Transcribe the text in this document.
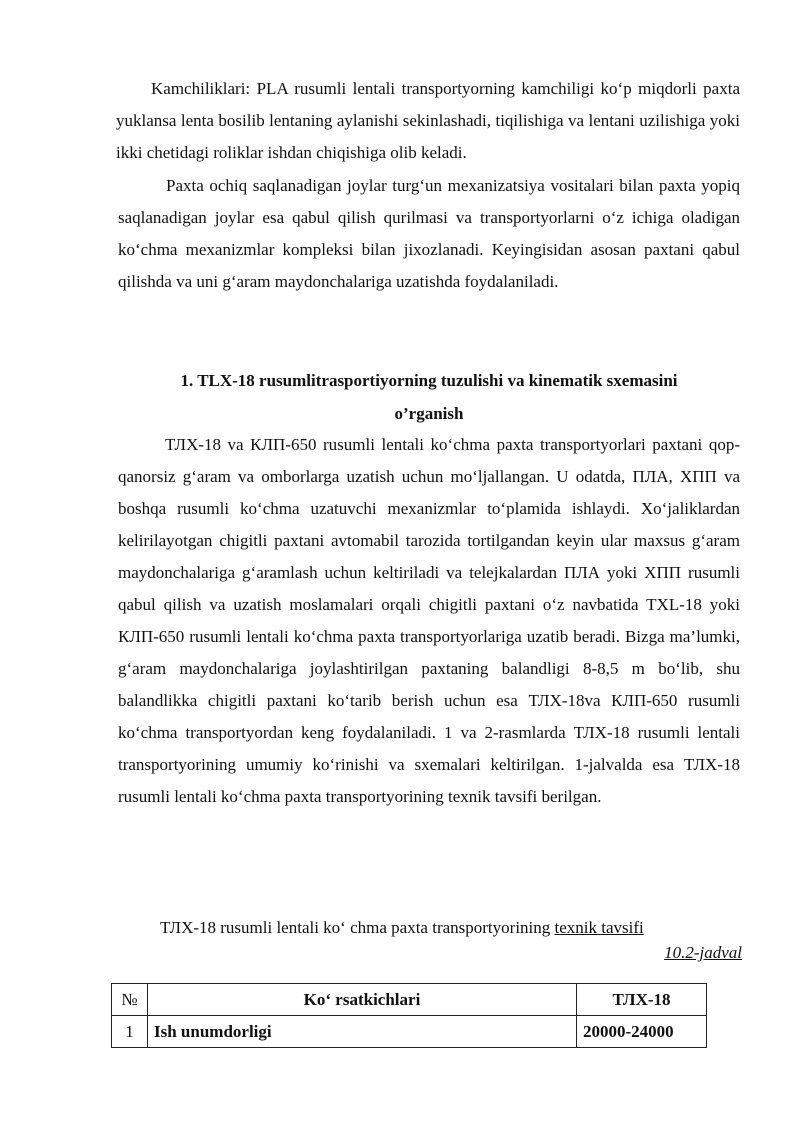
Kamchiliklari: PLA rusumli lentali transportyorning kamchiligi ko‘p miqdorli paxta yuklansa lenta bosilib lentaning aylanishi sekinlashadi, tiqilishiga va lentani uzilishiga yoki ikki chetidagi roliklar ishdan chiqishiga olib keladi.
Paxta ochiq saqlanadigan joylar turg‘un mexanizatsiya vositalari bilan paxta yopiq saqlanadigan joylar esa qabul qilish qurilmasi va transportyorlarni o‘z ichiga oladigan ko‘chma mexanizmlar kompleksi bilan jixozlanadi. Keyingisidan asosan paxtani qabul qilishda va uni g‘aram maydonchalariga uzatishda foydalaniladi.
1. TLX-18 rusumlitrasportiyorning tuzulishi va kinematik sxemasini
o’rganish
ТЛХ-18 va КЛП-650 rusumli lentali ko‘chma paxta transportyorlari paxtani qop-qanorsiz g‘aram va omborlarga uzatish uchun mo‘ljallangan. U odatda, ПЛА, ХПП va boshqa rusumli ko‘chma uzatuvchi mexanizmlar to‘plamida ishlaydi. Xo‘jaliklardan kelirilayotgan chigitli paxtani avtomabil tarozida tortilgandan keyin ular maxsus g‘aram maydonchalariga g‘aramlash uchun keltiriladi va telejkalardan ПЛА yoki ХПП rusumli qabul qilish va uzatish moslamalari orqali chigitli paxtani o‘z navbatida TXL-18 yoki КЛП-650 rusumli lentali ko‘chma paxta transportyorlariga uzatib beradi. Bizga ma’lumki, g‘aram maydonchalariga joylashtirilgan paxtaning balandligi 8-8,5 m bo‘lib, shu balandlikka chigitli paxtani ko‘tarib berish uchun esa ТЛХ-18va КЛП-650 rusumli ko‘chma transportyordan keng foydalaniladi. 1 va 2-rasmlarda ТЛХ-18 rusumli lentali transportyorining umumiy ko‘rinishi va sxemalari keltirilgan. 1-jalvalda esa ТЛХ-18 rusumli lentali ko‘chma paxta transportyorining texnik tavsifi berilgan.
ТЛХ-18 rusumli lentali ko‘ chma paxta transportyorining texnik tavsifi
10.2-jadval
№	Ko‘ rsatkichlari	ТЛХ-18
1	Ish unumdorligi	20000-24000
